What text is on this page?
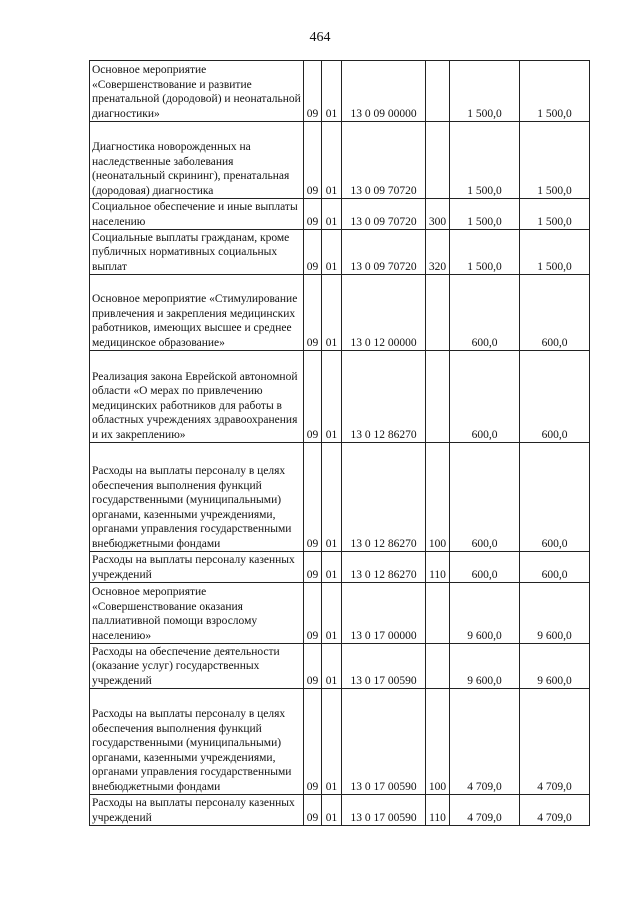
464
Основное мероприятие «Совершенствование и развитие пренатальной (дородовой) и неонатальной диагностики»	09	01	13 0 09 00000		1 500,0	1 500,0
Диагностика новорожденных на наследственные заболевания (неонатальный скрининг), пренатальная (дородовая) диагностика	09	01	13 0 09 70720		1 500,0	1 500,0
Социальное обеспечение и иные выплаты населению	09	01	13 0 09 70720	300	1 500,0	1 500,0
Социальные выплаты гражданам, кроме публичных нормативных социальных выплат	09	01	13 0 09 70720	320	1 500,0	1 500,0
Основное мероприятие «Стимулирование привлечения и закрепления медицинских работников, имеющих высшее и среднее медицинское образование»	09	01	13 0 12 00000		600,0	600,0
Реализация закона Еврейской автономной области «О мерах по привлечению медицинских работников для работы в областных учреждениях здравоохранения и их закреплению»	09	01	13 0 12 86270		600,0	600,0
Расходы на выплаты персоналу в целях обеспечения выполнения функций государственными (муниципальными) органами, казенными учреждениями, органами управления государственными внебюджетными фондами	09	01	13 0 12 86270	100	600,0	600,0
Расходы на выплаты персоналу казенных учреждений	09	01	13 0 12 86270	110	600,0	600,0
Основное мероприятие «Совершенствование оказания паллиативной помощи взрослому населению»	09	01	13 0 17 00000		9 600,0	9 600,0
Расходы на обеспечение деятельности (оказание услуг) государственных учреждений	09	01	13 0 17 00590		9 600,0	9 600,0
Расходы на выплаты персоналу в целях обеспечения выполнения функций государственными (муниципальными) органами, казенными учреждениями, органами управления государственными внебюджетными фондами	09	01	13 0 17 00590	100	4 709,0	4 709,0
Расходы на выплаты персоналу казенных учреждений	09	01	13 0 17 00590	110	4 709,0	4 709,0
